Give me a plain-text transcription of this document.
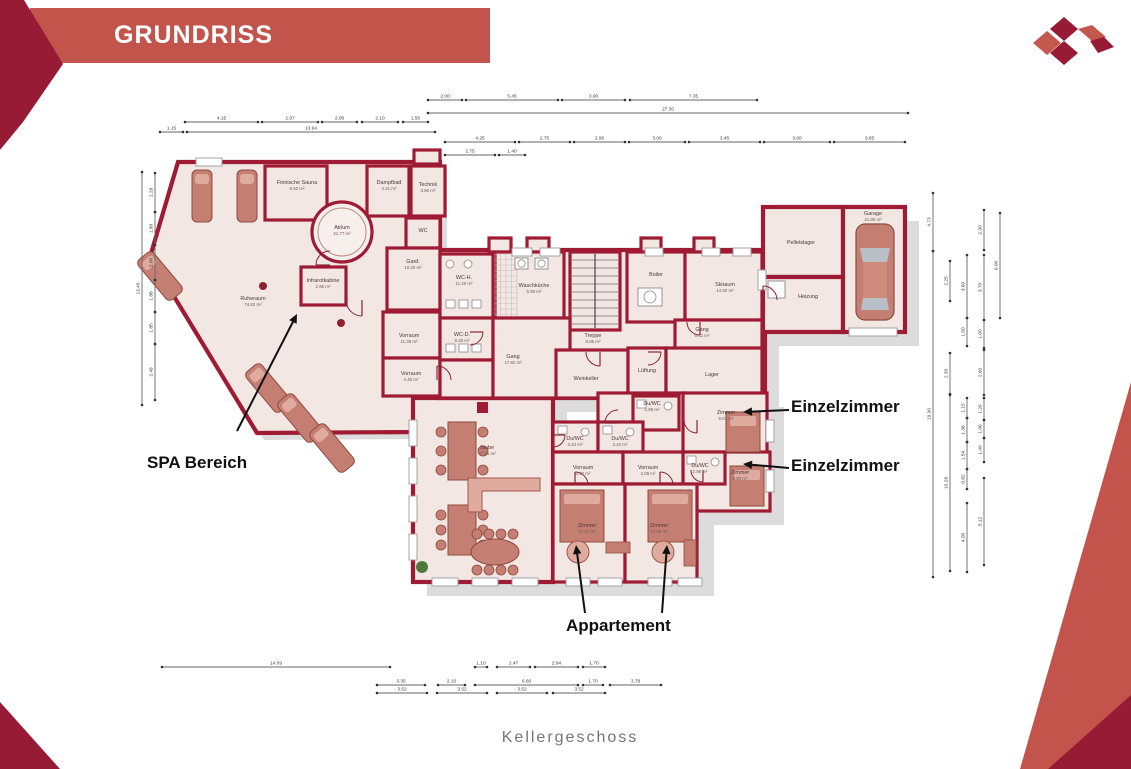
Ruheraum
74.92 m²
Stube
67.91 m²
Finnische Sauna
6.52 m²
Dampfbad
4.21 m²
Technik
3.60 m²
WC
Gard.
10.20 m²
Infrarotkabine
2.96 m²
Atrium
21.77 m²
Vorraum
11.38 m²
Vorraum
4.40 m²
WC-H.
11.40 m²	Waschküche
5.90 m²
Treppe
8.85 m²
Boiler
Skiraum
14.92 m²
Gang
6.62 m²
WC-D.
8.25 m²
Gang
17.82 m²
Weinkeller
Lüftung
Lager
Pelletslager
Heizung
Garage
21.80 m²
Zimmer
9.01 m²
Du/WC
2.98 m²
Zimmer
9.93 m²
Du/WC
2.98 m²
Du/WC
3.24 m²
Du/WC
3.24 m²
Vorraum
3.92 m²
Vorraum
4.09 m²
Zimmer
17.47 m²
Zimmer
19.05 m²
2.00	5.45	3.90	7.35
27.30
4.15	2.97	2.06	2.10	1.50
1.15	13.94
4.25	2.75	2.90	3.00	3.45	3.60	3.65
2.75	1.40
14.09	1.10	2.47	2.94	1.70
3.35	2.10	6.60	1.70	3.78
3.52	3.52	3.52	3.52
4.73
19.30
2.25
2.30
10.28
3.60
1.60
1.15
1.38
1.54
0.82
4.00
2.30
3.70
1.60
2.60
1.26
1.06
1.40
5.12
6.00
13.45
2.28
1.90
2.00
1.88
1.85
2.49
GRUNDRISS
Kellergeschoss
SPA Bereich
Einzelzimmer
Einzelzimmer
Appartement
